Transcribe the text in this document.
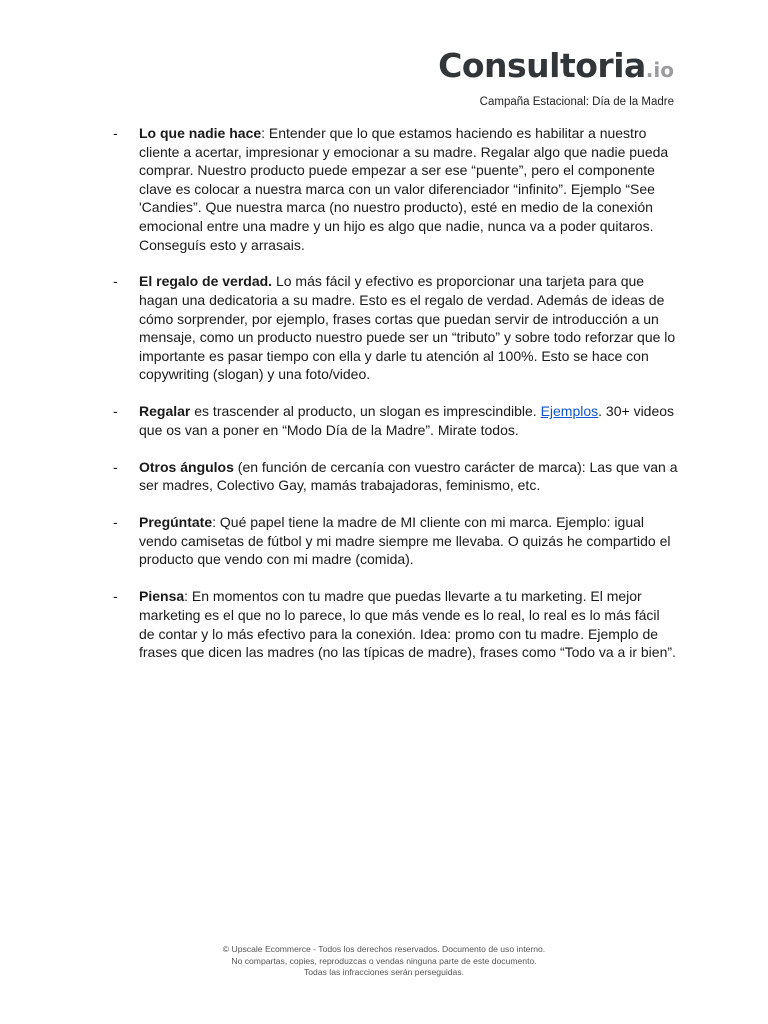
Consultoria.io
Campaña Estacional: Día de la Madre
- Lo que nadie hace: Entender que lo que estamos haciendo es habilitar a nuestro cliente a acertar, impresionar y emocionar a su madre. Regalar algo que nadie pueda comprar. Nuestro producto puede empezar a ser ese “puente”, pero el componente clave es colocar a nuestra marca con un valor diferenciador “infinito”. Ejemplo “See 'Candies”. Que nuestra marca (no nuestro producto), esté en medio de la conexión emocional entre una madre y un hijo es algo que nadie, nunca va a poder quitaros. Conseguís esto y arrasais.
- El regalo de verdad. Lo más fácil y efectivo es proporcionar una tarjeta para que hagan una dedicatoria a su madre. Esto es el regalo de verdad. Además de ideas de cómo sorprender, por ejemplo, frases cortas que puedan servir de introducción a un mensaje, como un producto nuestro puede ser un “tributo” y sobre todo reforzar que lo importante es pasar tiempo con ella y darle tu atención al 100%. Esto se hace con copywriting (slogan) y una foto/video.
- Regalar es trascender al producto, un slogan es imprescindible. Ejemplos. 30+ videos que os van a poner en “Modo Día de la Madre”. Mirate todos.
- Otros ángulos (en función de cercanía con vuestro carácter de marca): Las que van a ser madres, Colectivo Gay, mamás trabajadoras, feminismo, etc.
- Pregúntate: Qué papel tiene la madre de MI cliente con mi marca. Ejemplo: igual vendo camisetas de fútbol y mi madre siempre me llevaba. O quizás he compartido el producto que vendo con mi madre (comida).
- Piensa: En momentos con tu madre que puedas llevarte a tu marketing. El mejor marketing es el que no lo parece, lo que más vende es lo real, lo real es lo más fácil de contar y lo más efectivo para la conexión. Idea: promo con tu madre. Ejemplo de frases que dicen las madres (no las típicas de madre), frases como “Todo va a ir bien”.
© Upscale Ecommerce - Todos los derechos reservados. Documento de uso interno.
No compartas, copies, reproduzcas o vendas ninguna parte de este documento.
Todas las infracciones serán perseguidas.
